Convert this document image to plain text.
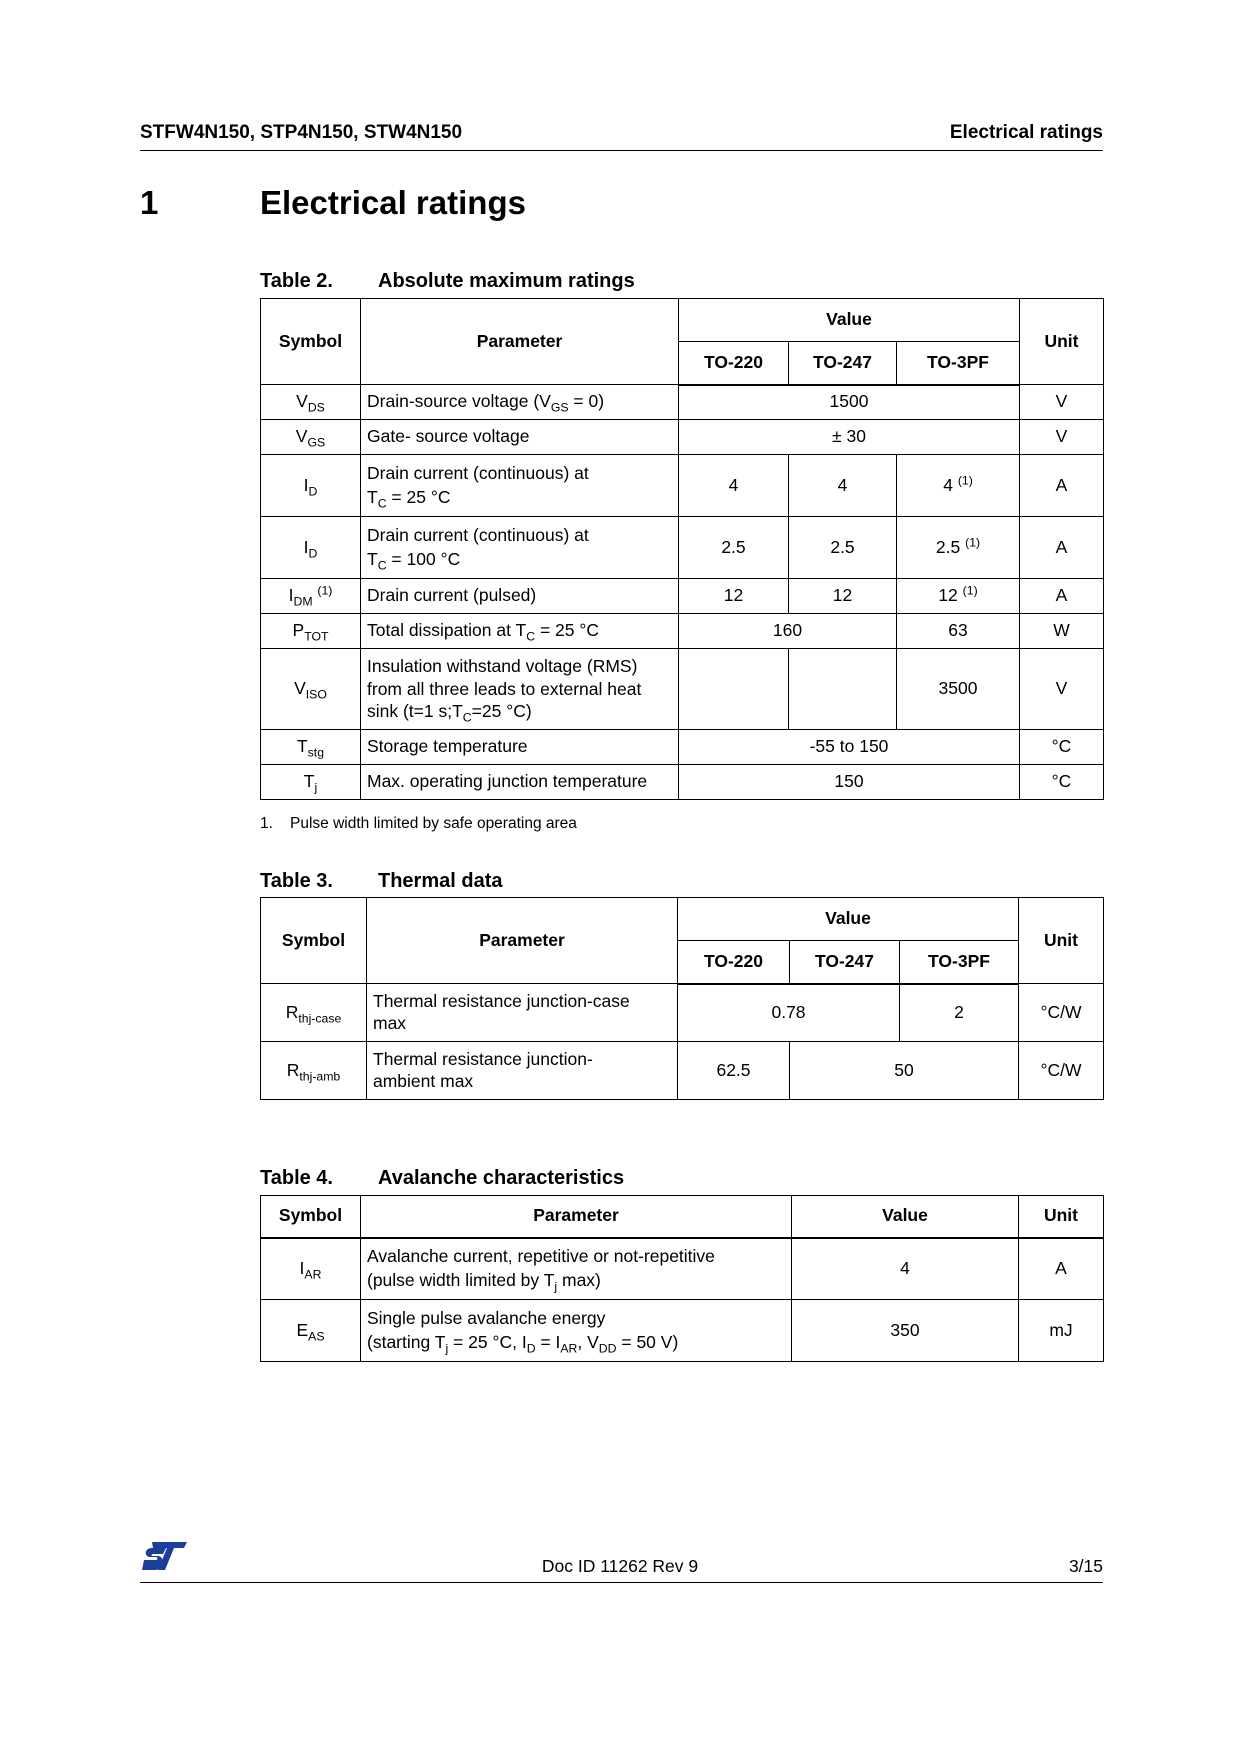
STFW4N150, STP4N150, STW4N150	Electrical ratings
1	Electrical ratings
Table 2. Absolute maximum ratings
Symbol	Parameter	Value			Unit
		TO-220	TO-247	TO-3PF	
$V_{DS}$	Drain-source voltage $(V_{GS} = 0)$	1500			V
$V_{GS}$	Gate- source voltage	± 30			V
$I_D$	Drain current (continuous) at
$T_C = 25$ °C	4	4	4 $^{(1)}$	A
$I_D$	Drain current (continuous) at
$T_C = 100$ °C	2.5	2.5	2.5 $^{(1)}$	A
$I_{DM}$ $^{(1)}$	Drain current (pulsed)	12	12	12 $^{(1)}$	A
$P_{TOT}$	Total dissipation at $T_C = 25$ °C	160		63	W
$V_{ISO}$	Insulation withstand voltage (RMS)
from all three leads to external heat
sink (t=1 $s;T_C=25$ °C)			3500	V
$T_{stg}$	Storage temperature	-55 to 150			°C
$T_j$	Max. operating junction temperature	150			°C
1. Pulse width limited by safe operating area
Table 3. Thermal data
Symbol	Parameter	Value			Unit
		TO-220	TO-247	TO-3PF	
$R_{thj-case}$	Thermal resistance junction-case
max	0.78		2	°C/W
$R_{thj-amb}$	Thermal resistance junction-
ambient max	62.5	50		°C/W
Table 4. Avalanche characteristics
Symbol	Parameter	Value	Unit
$I_{AR}$	Avalanche current, repetitive or not-repetitive
(pulse width limited by $T_j$ max)	4	A
$E_{AS}$	Single pulse avalanche energy
(starting $T_j = 25$ °C, $I_D = I_{AR}$, $V_{DD} = 50$ V)	350	mJ
Doc ID 11262 Rev 9	3/15
